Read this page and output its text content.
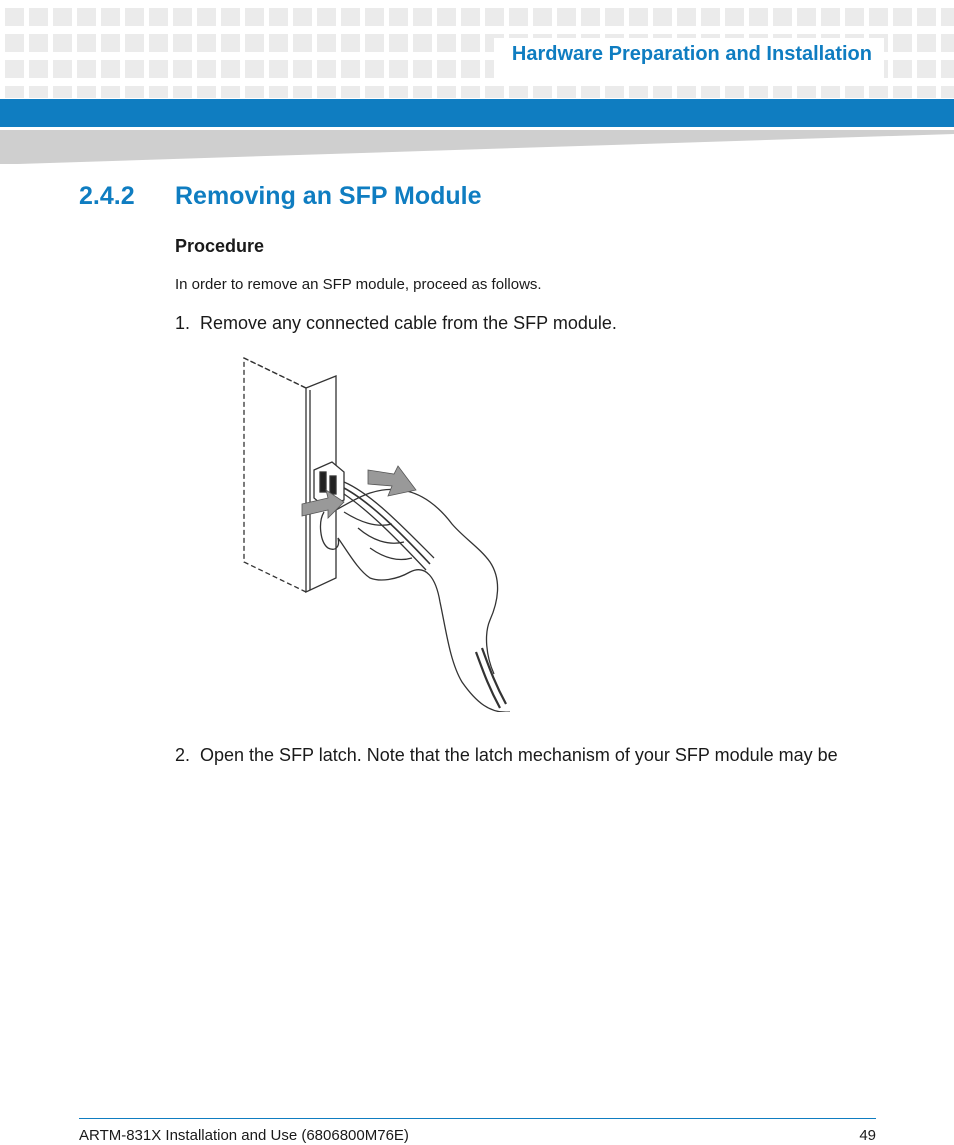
Hardware Preparation and Installation
2.4.2 Removing an SFP Module
Procedure

In order to remove an SFP module, proceed as follows.

1. Remove any connected cable from the SFP module.

2. Open the SFP latch. Note that the latch mechanism of your SFP module may be

ARTM-831X Installation and Use (6806800M76E)	49
